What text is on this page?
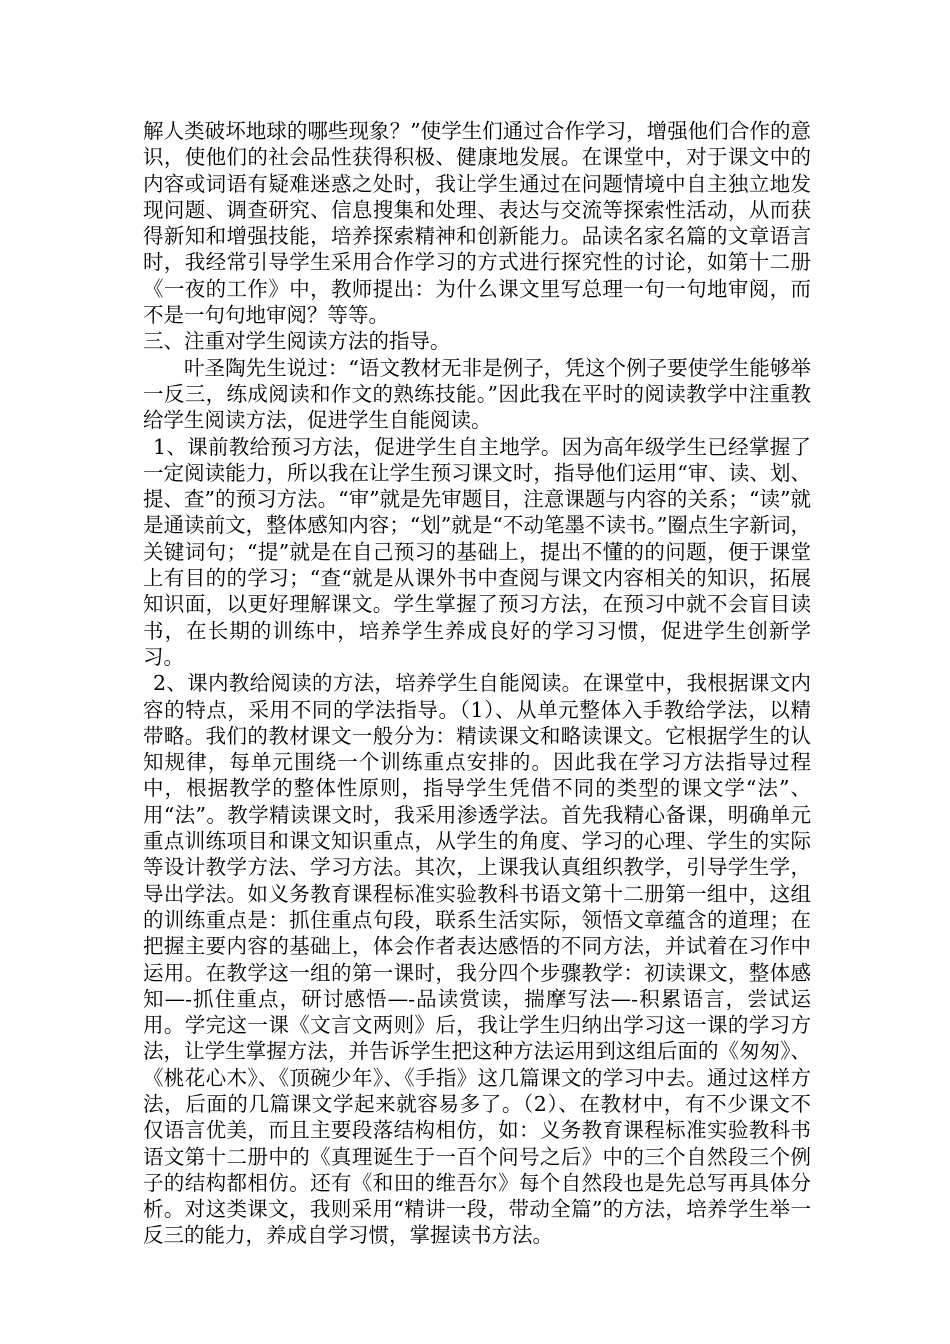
解人类破坏地球的哪些现象？”使学生们通过合作学习，增强他们合作的意识，使他们的社会品性获得积极、健康地发展。在课堂中，对于课文中的内容或词语有疑难迷惑之处时，我让学生通过在问题情境中自主独立地发现问题、调查研究、信息搜集和处理、表达与交流等探索性活动，从而获得新知和增强技能，培养探索精神和创新能力。品读名家名篇的文章语言时，我经常引导学生采用合作学习的方式进行探究性的讨论，如第十二册《一夜的工作》中，教师提出：为什么课文里写总理一句一句地审阅，而不是一句句地审阅？等等。

三、注重对学生阅读方法的指导。

叶圣陶先生说过：“语文教材无非是例子，凭这个例子要使学生能够举一反三，练成阅读和作文的熟练技能。”因此我在平时的阅读教学中注重教给学生阅读方法，促进学生自能阅读。

1、课前教给预习方法，促进学生自主地学。因为高年级学生已经掌握了一定阅读能力，所以我在让学生预习课文时，指导他们运用“审、读、划、提、查”的预习方法。“审”就是先审题目，注意课题与内容的关系；“读”就是通读前文，整体感知内容；“划”就是“不动笔墨不读书。”圈点生字新词，关键词句；“提”就是在自己预习的基础上，提出不懂的的问题，便于课堂上有目的的学习；“查“就是从课外书中查阅与课文内容相关的知识，拓展知识面，以更好理解课文。学生掌握了预习方法，在预习中就不会盲目读书，在长期的训练中，培养学生养成良好的学习习惯，促进学生创新学习。

2、课内教给阅读的方法，培养学生自能阅读。在课堂中，我根据课文内容的特点，采用不同的学法指导。（1）、从单元整体入手教给学法，以精带略。我们的教材课文一般分为：精读课文和略读课文。它根据学生的认知规律，每单元围绕一个训练重点安排的。因此我在学习方法指导过程中，根据教学的整体性原则，指导学生凭借不同的类型的课文学“法”、用“法”。教学精读课文时，我采用渗透学法。首先我精心备课，明确单元重点训练项目和课文知识重点，从学生的角度、学习的心理、学生的实际等设计教学方法、学习方法。其次，上课我认真组织教学，引导学生学，导出学法。如义务教育课程标准实验教科书语文第十二册第一组中，这组的训练重点是：抓住重点句段，联系生活实际，领悟文章蕴含的道理；在把握主要内容的基础上，体会作者表达感悟的不同方法，并试着在习作中运用。在教学这一组的第一课时，我分四个步骤教学：初读课文，整体感知—-抓住重点，研讨感悟—-品读赏读，揣摩写法—-积累语言，尝试运用。学完这一课《文言文两则》后，我让学生归纳出学习这一课的学习方法，让学生掌握方法，并告诉学生把这种方法运用到这组后面的《匆匆》、《桃花心木》、《顶碗少年》、《手指》这几篇课文的学习中去。通过这样方法，后面的几篇课文学起来就容易多了。（2）、在教材中，有不少课文不仅语言优美，而且主要段落结构相仿，如：义务教育课程标准实验教科书语文第十二册中的《真理诞生于一百个问号之后》中的三个自然段三个例子的结构都相仿。还有《和田的维吾尔》每个自然段也是先总写再具体分析。对这类课文，我则采用“精讲一段，带动全篇”的方法，培养学生举一反三的能力，养成自学习惯，掌握读书方法。
